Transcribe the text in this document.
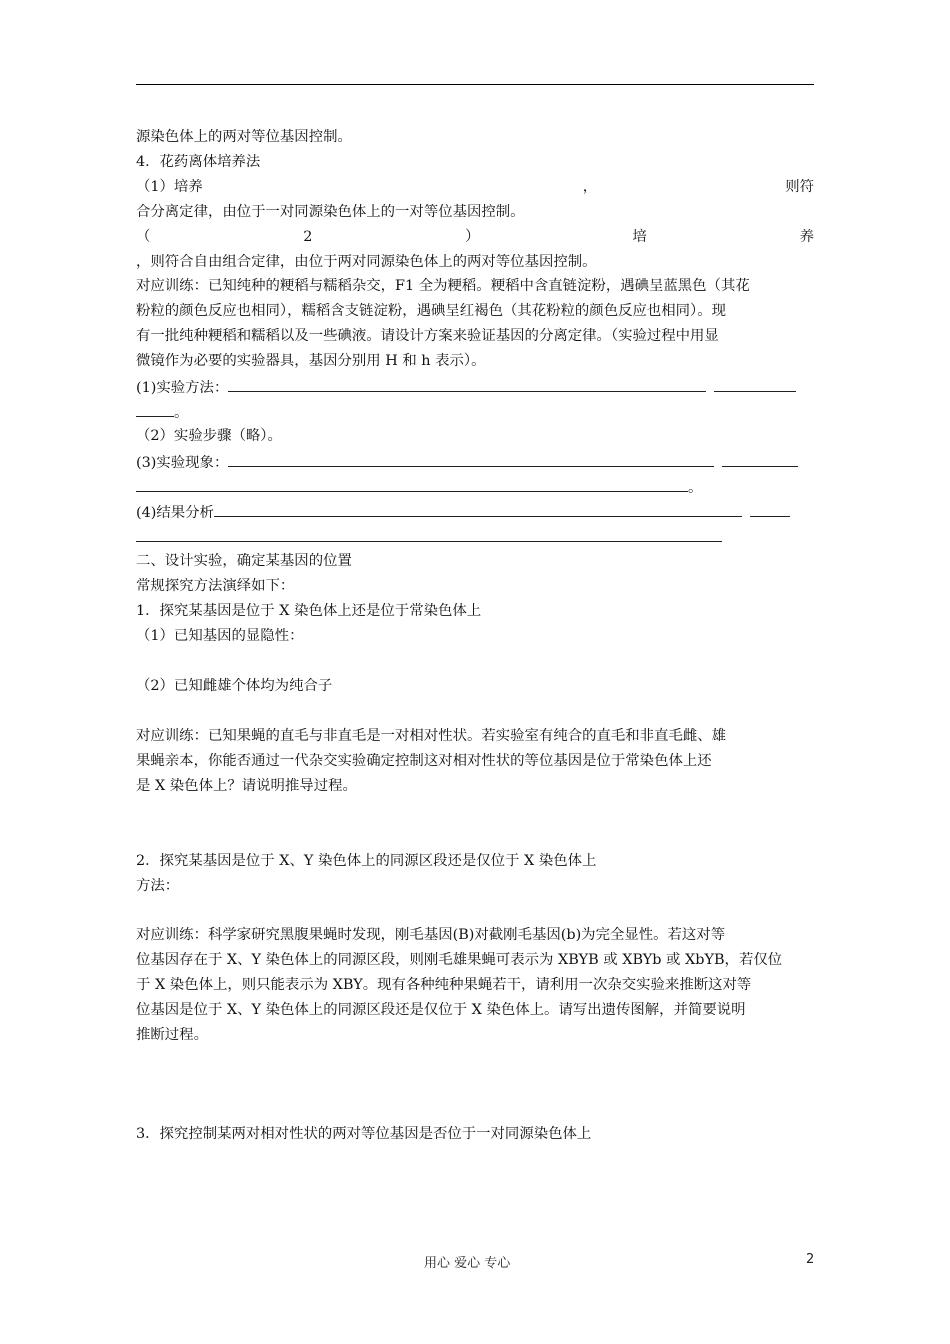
源染色体上的两对等位基因控制。
4．花药离体培养法
（1）培养	，	则符
合分离定律，由位于一对同源染色体上的一对等位基因控制。
（	2	）	培	养
，则符合自由组合定律，由位于两对同源染色体上的两对等位基因控制。
对应训练：已知纯种的粳稻与糯稻杂交，F1 全为粳稻。粳稻中含直链淀粉，遇碘呈蓝黑色（其花
粉粒的颜色反应也相同），糯稻含支链淀粉，遇碘呈红褐色（其花粉粒的颜色反应也相同）。现
有一批纯种粳稻和糯稻以及一些碘液。请设计方案来验证基因的分离定律。（实验过程中用显
微镜作为必要的实验器具，基因分别用 H 和 h 表示）。
(1)实验方法：
。
（2）实验步骤（略）。
(3)实验现象：
。
(4)结果分析
二、设计实验，确定某基因的位置
常规探究方法演绎如下：
1．探究某基因是位于 X 染色体上还是位于常染色体上
（1）已知基因的显隐性：
（2）已知雌雄个体均为纯合子
对应训练：已知果蝇的直毛与非直毛是一对相对性状。若实验室有纯合的直毛和非直毛雌、雄
果蝇亲本，你能否通过一代杂交实验确定控制这对相对性状的等位基因是位于常染色体上还
是 X 染色体上？请说明推导过程。
2．探究某基因是位于 X、Y 染色体上的同源区段还是仅位于 X 染色体上
方法：
对应训练：科学家研究黑腹果蝇时发现，刚毛基因(B)对截刚毛基因(b)为完全显性。若这对等
位基因存在于 X、Y 染色体上的同源区段，则刚毛雄果蝇可表示为 XBYB 或 XBYb 或 XbYB，若仅位
于 X 染色体上，则只能表示为 XBY。现有各种纯种果蝇若干，请利用一次杂交实验来推断这对等
位基因是位于 X、Y 染色体上的同源区段还是仅位于 X 染色体上。请写出遗传图解，并简要说明
推断过程。
3．探究控制某两对相对性状的两对等位基因是否位于一对同源染色体上
用心 爱心 专心	2
